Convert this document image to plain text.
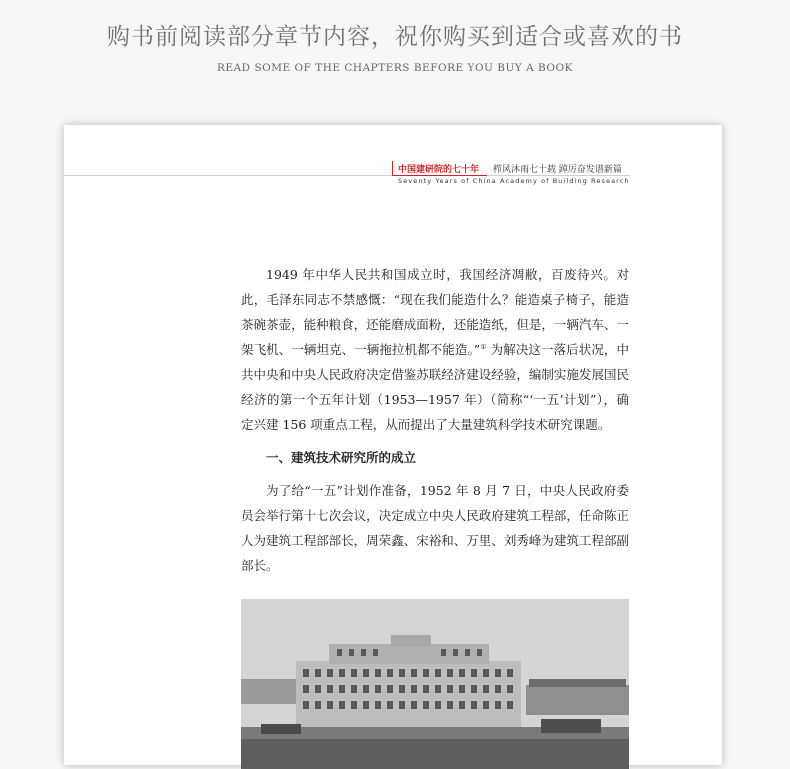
购书前阅读部分章节内容，祝你购买到适合或喜欢的书
READ SOME OF THE CHAPTERS BEFORE YOU BUY A BOOK
中国建研院的七十年 栉风沐雨七十载 踔厉奋发谱新篇
Seventy Years of China Academy of Building Research

1949 年中华人民共和国成立时，我国经济凋敝，百废待兴。对此，毛泽东同志不禁感慨：“现在我们能造什么？能造桌子椅子，能造茶碗茶壶，能种粮食，还能磨成面粉，还能造纸，但是，一辆汽车、一架飞机、一辆坦克、一辆拖拉机都不能造。”① 为解决这一落后状况，中共中央和中央人民政府决定借鉴苏联经济建设经验，编制实施发展国民经济的第一个五年计划（1953—1957 年）（简称“‘一五’计划”），确定兴建 156 项重点工程，从而提出了大量建筑科学技术研究课题。

一、建筑技术研究所的成立

为了给“一五”计划作准备，1952 年 8 月 7 日，中央人民政府委员会举行第十七次会议，决定成立中央人民政府建筑工程部，任命陈正人为建筑工程部部长，周荣鑫、宋裕和、万里、刘秀峰为建筑工程部副部长。
